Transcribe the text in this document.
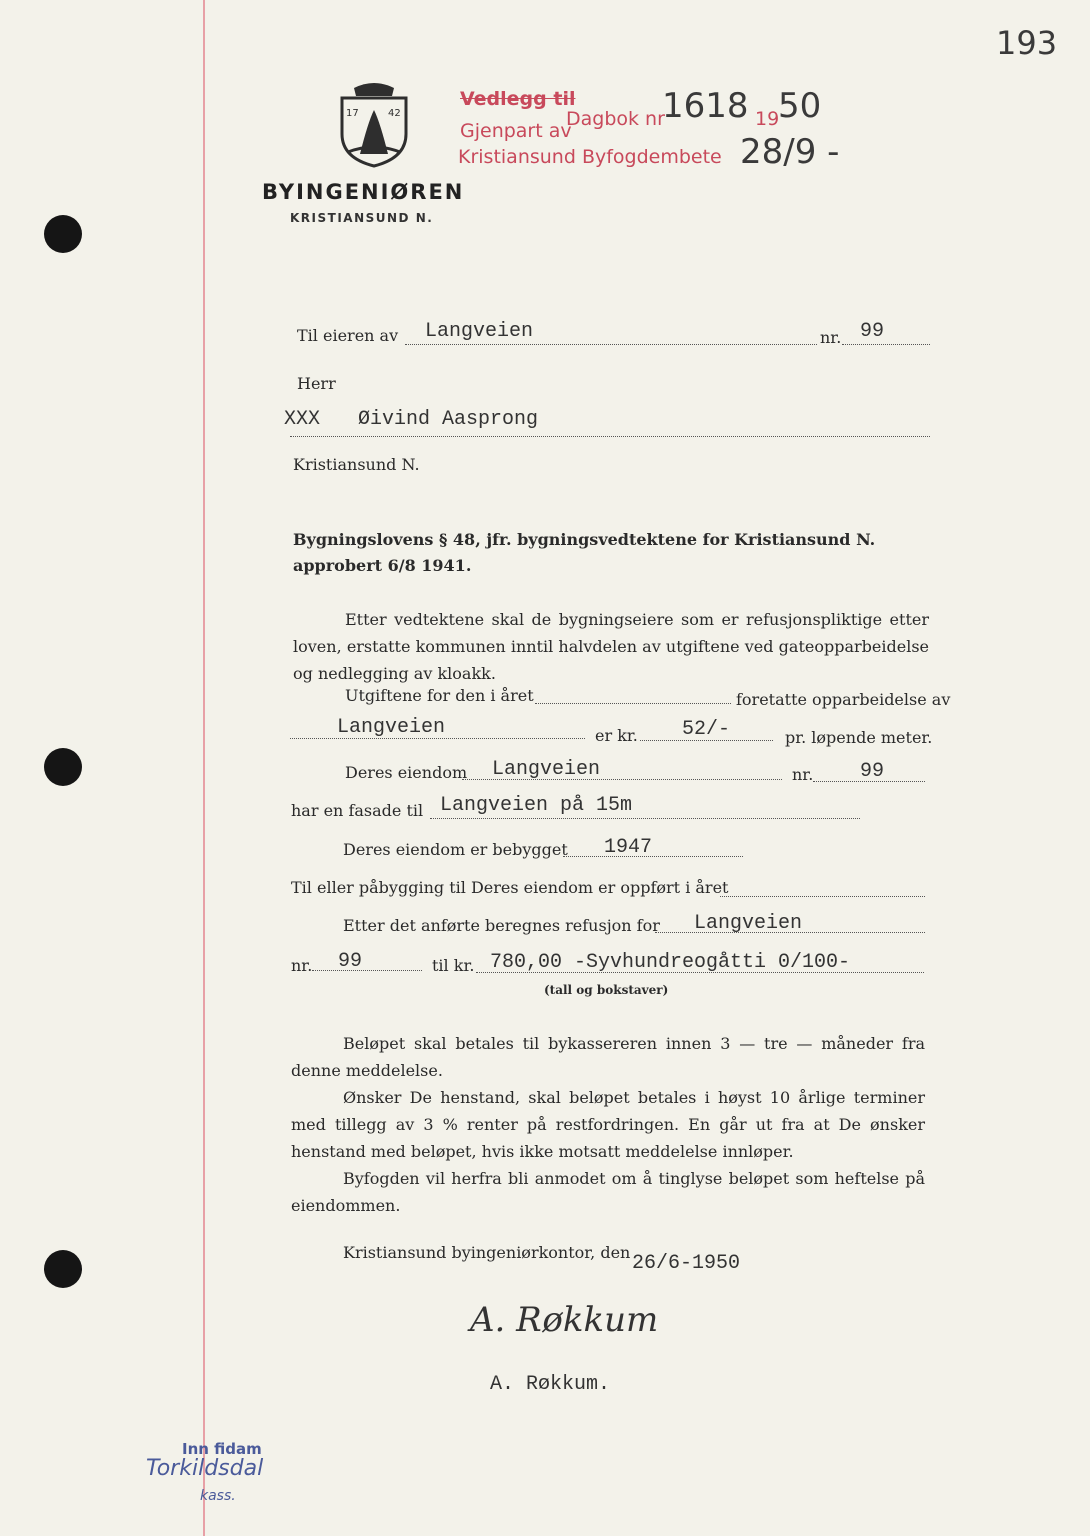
193
17	42
Vedlegg til
Dagbok nr
1618 19
50
Gjenpart av
Kristiansund Byfogdembete 28/9 -
BYINGENIØREN
KRISTIANSUND N.
Til eieren av Langveien	nr. 99
Herr
XXX Øivind Aasprong
Kristiansund N.
Bygningslovens § 48, jfr. bygningsvedtektene for Kristiansund N.
approbert 6/8 1941.
Etter vedtektene skal de bygningseiere som er refusjonspliktige etter loven, erstatte kommunen inntil halvdelen av utgiftene ved gateopparbeidelse og nedlegging av kloakk.
Utgiftene for den i året	foretatte opparbeidelse av
Langveien	er kr. 52/-	pr. løpende meter.
Deres eiendom Langveien	nr. 99
har en fasade til Langveien på 15m
Deres eiendom er bebygget 1947
Til eller påbygging til Deres eiendom er oppført i året
Etter det anførte beregnes refusjon for Langveien
nr. 99	til kr. 780,00 -Syvhundreogåtti 0/100-
(tall og bokstaver)
Beløpet skal betales til bykassereren innen 3 — tre — måneder fra denne meddelelse.
Ønsker De henstand, skal beløpet betales i høyst 10 årlige terminer med tillegg av 3 % renter på restfordringen. En går ut fra at De ønsker henstand med beløpet, hvis ikke motsatt meddelelse innløper.
Byfogden vil herfra bli anmodet om å tinglyse beløpet som heftelse på eiendommen.
Kristiansund byingeniørkontor, den 26/6-1950
A. Røkkum
A. Røkkum.
Inn fidam
Torkildsdal
kass.
